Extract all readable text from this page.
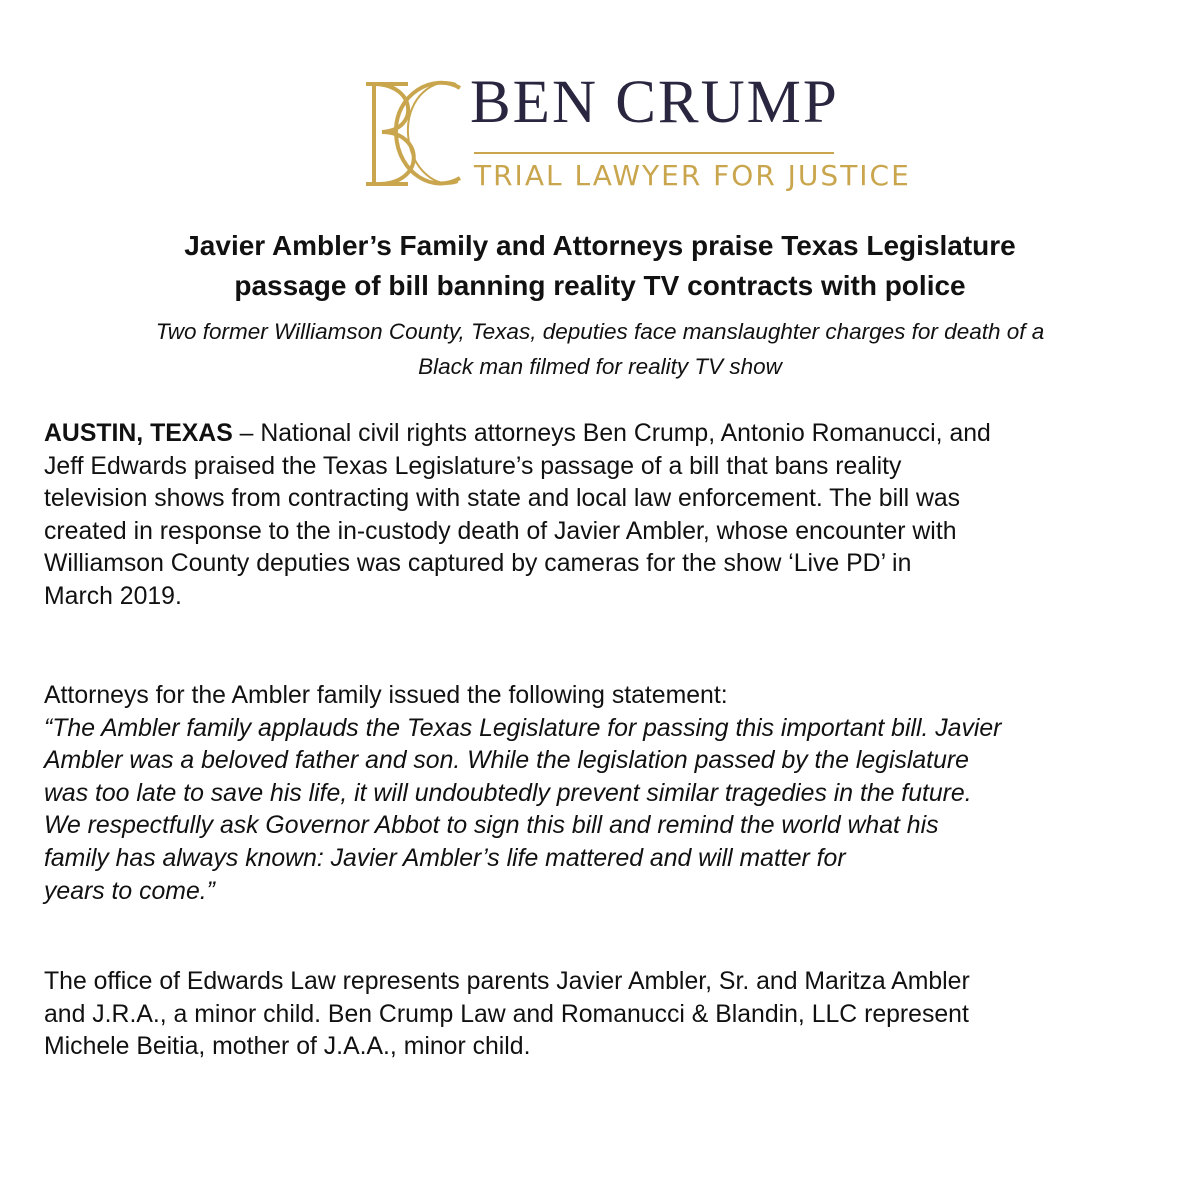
BEN CRUMP
TRIAL LAWYER FOR JUSTICE
Javier Ambler’s Family and Attorneys praise Texas Legislature
passage of bill banning reality TV contracts with police
Two former Williamson County, Texas, deputies face manslaughter charges for death of a
Black man filmed for reality TV show
AUSTIN, TEXAS – National civil rights attorneys Ben Crump, Antonio Romanucci, and
Jeff Edwards praised the Texas Legislature’s passage of a bill that bans reality
television shows from contracting with state and local law enforcement. The bill was
created in response to the in-custody death of Javier Ambler, whose encounter with
Williamson County deputies was captured by cameras for the show ‘Live PD’ in
March 2019.
Attorneys for the Ambler family issued the following statement:
“The Ambler family applauds the Texas Legislature for passing this important bill. Javier
Ambler was a beloved father and son. While the legislation passed by the legislature
was too late to save his life, it will undoubtedly prevent similar tragedies in the future.
We respectfully ask Governor Abbot to sign this bill and remind the world what his
family has always known: Javier Ambler’s life mattered and will matter for
years to come.”
The office of Edwards Law represents parents Javier Ambler, Sr. and Maritza Ambler
and J.R.A., a minor child. Ben Crump Law and Romanucci & Blandin, LLC represent
Michele Beitia, mother of J.A.A., minor child.
